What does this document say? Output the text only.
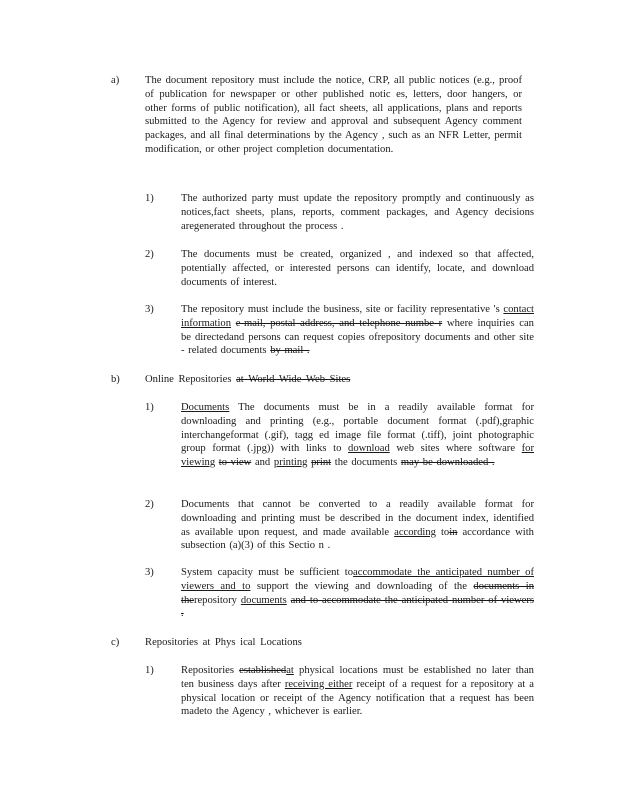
a) The document repository must include the notice, CRP, all public notices (e.g., proof of publication for newspaper or other published notic es, letters, door hangers, or other forms of public notification), all fact sheets, all applications, plans and reports submitted to the Agency for review and approval and subsequent Agency comment packages, and all final determinations by the Agency , such as an NFR Letter, permit modification, or other project completion documentation.
1)	The authorized party must update the repository promptly and continuously as notices,fact sheets, plans, reports, comment packages, and Agency decisions aregenerated throughout the process .
2)	The documents must be created, organized , and indexed so that affected, potentially affected, or interested persons can identify, locate, and download documents of interest.
3)	The repository must include the business, site or facility representative 's contact information e-mail, postal address, and telephone numbe r where inquiries can be directedand persons can request copies ofrepository documents and other site - related documents by mail .
b) Online Repositories at World Wide Web Sites
1)	Documents The documents must be in a readily available format for downloading and printing (e.g., portable document format (.pdf),graphic interchangeformat (.gif), tagg ed image file format (.tiff), joint photographic group format (.jpg)) with links to download web sites where software for viewing to view and printing print the documents may be downloaded .
2)	Documents that cannot be converted to a readily available format for downloading and printing must be described in the document index, identified as available upon request, and made available according toin accordance with subsection (a)(3) of this Sectio n .
3)	System capacity must be sufficient toaccommodate the anticipated number of viewers and to support the viewing and downloading of the documents in therepository documents and to accommodate the anticipated number of viewers .
c) Repositories at Phys ical Locations
1)	Repositories establishedat physical locations must be established no later than ten business days after receiving either receipt of a request for a repository at a physical location or receipt of the Agency notification that a request has been madeto the Agency , whichever is earlier.
